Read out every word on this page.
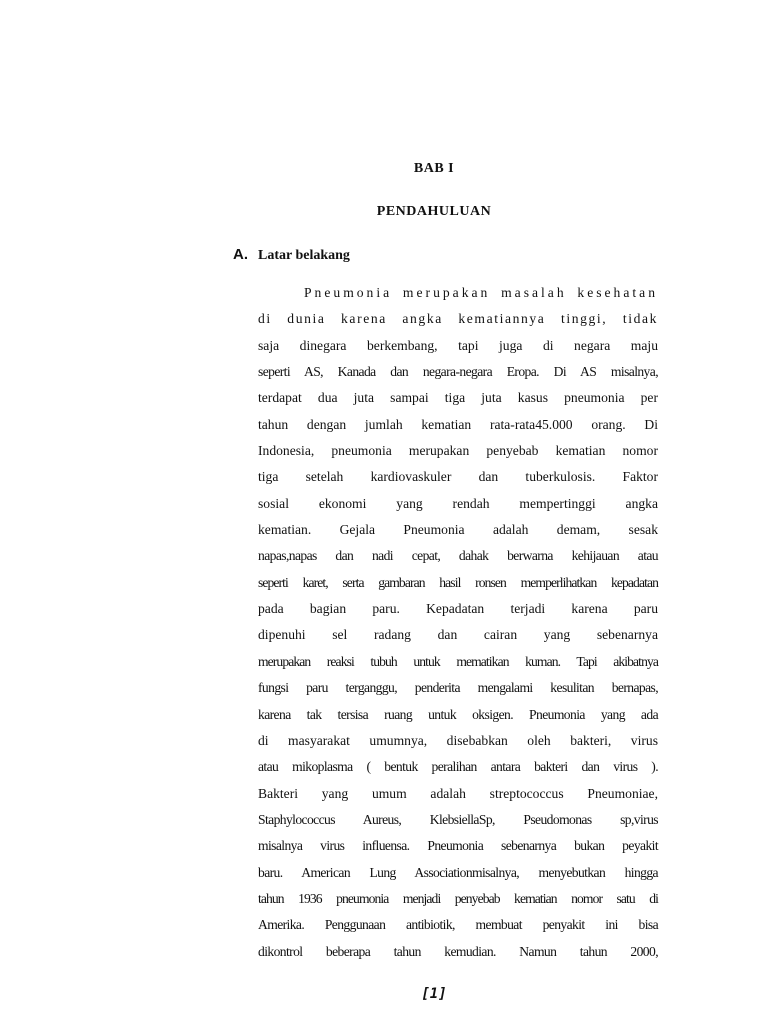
BAB I
PENDAHULUAN
A. Latar belakang
Pneumonia merupakan masalah kesehatan
di dunia karena angka kematiannya tinggi, tidak
saja dinegara berkembang, tapi juga di negara maju
seperti AS, Kanada dan negara-negara Eropa. Di AS misalnya,
terdapat dua juta sampai tiga juta kasus pneumonia per
tahun dengan jumlah kematian rata-rata45.000 orang. Di
Indonesia, pneumonia merupakan penyebab kematian nomor
tiga setelah kardiovaskuler dan tuberkulosis. Faktor
sosial ekonomi yang rendah mempertinggi angka
kematian. Gejala Pneumonia adalah demam, sesak
napas,napas dan nadi cepat, dahak berwarna kehijauan atau
seperti karet, serta gambaran hasil ronsen memperlihatkan kepadatan
pada bagian paru. Kepadatan terjadi karena paru
dipenuhi sel radang dan cairan yang sebenarnya
merupakan reaksi tubuh untuk mematikan kuman. Tapi akibatnya
fungsi paru terganggu, penderita mengalami kesulitan bernapas,
karena tak tersisa ruang untuk oksigen. Pneumonia yang ada
di masyarakat umumnya, disebabkan oleh bakteri, virus
atau mikoplasma ( bentuk peralihan antara bakteri dan virus ).
Bakteri yang umum adalah streptococcus Pneumoniae,
Staphylococcus Aureus, KlebsiellaSp, Pseudomonas sp,virus
misalnya virus influensa. Pneumonia sebenarnya bukan peyakit
baru. American Lung Associationmisalnya, menyebutkan hingga
tahun 1936 pneumonia menjadi penyebab kematian nomor satu di
Amerika. Penggunaan antibiotik, membuat penyakit ini bisa
dikontrol beberapa tahun kemudian. Namun tahun 2000,
[1]
